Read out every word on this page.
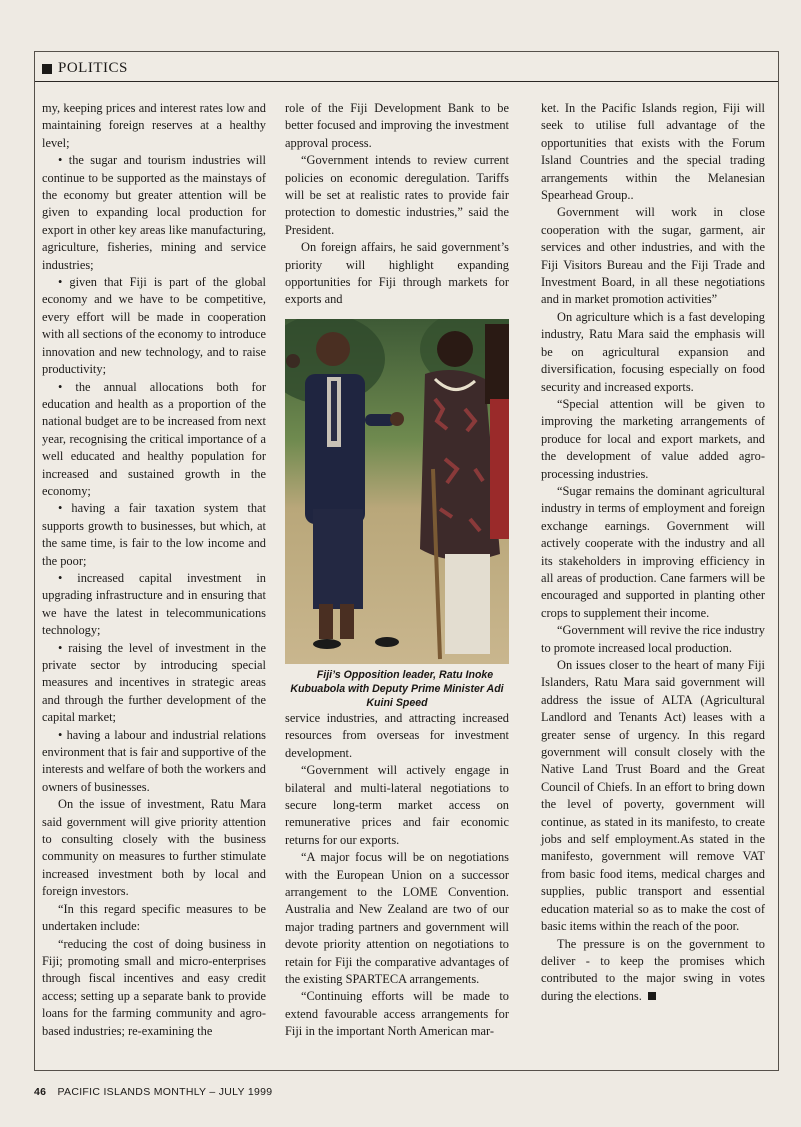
POLITICS

my, keeping prices and interest rates low and maintaining foreign reserves at a healthy level;

• the sugar and tourism industries will continue to be supported as the mainstays of the economy but greater attention will be given to expanding local production for export in other key areas like manufacturing, agriculture, fisheries, mining and service industries;

• given that Fiji is part of the global economy and we have to be competitive, every effort will be made in cooperation with all sections of the economy to introduce innovation and new technology, and to raise productivity;

• the annual allocations both for education and health as a proportion of the national budget are to be increased from next year, recognising the critical importance of a well educated and healthy population for increased and sustained growth in the economy;

• having a fair taxation system that supports growth to businesses, but which, at the same time, is fair to the low income and the poor;

• increased capital investment in upgrading infrastructure and in ensuring that we have the latest in telecommunications technology;

• raising the level of investment in the private sector by introducing special measures and incentives in strategic areas and through the further development of the capital market;

• having a labour and industrial relations environment that is fair and supportive of the interests and welfare of both the workers and owners of businesses.

On the issue of investment, Ratu Mara said government will give priority attention to consulting closely with the business community on measures to further stimulate increased investment both by local and foreign investors.

“In this regard specific measures to be undertaken include:

“reducing the cost of doing business in Fiji; promoting small and micro-enterprises through fiscal incentives and easy credit access; setting up a separate bank to provide loans for the farming community and agro-based industries; re-examining the

role of the Fiji Development Bank to be better focused and improving the investment approval process.

“Government intends to review current policies on economic deregulation. Tariffs will be set at realistic rates to provide fair protection to domestic industries,” said the President.

On foreign affairs, he said government’s priority will highlight expanding opportunities for Fiji through markets for exports and

Fiji’s Opposition leader, Ratu Inoke Kubuabola with Deputy Prime Minister Adi Kuini Speed

service industries, and attracting increased resources from overseas for investment development.

“Government will actively engage in bilateral and multi-lateral negotiations to secure long-term market access on remunerative prices and fair economic returns for our exports.

“A major focus will be on negotiations with the European Union on a successor arrangement to the LOME Convention. Australia and New Zealand are two of our major trading partners and government will devote priority attention on negotiations to retain for Fiji the comparative advantages of the existing SPARTECA arrangements.

“Continuing efforts will be made to extend favourable access arrangements for Fiji in the important North American mar-

ket. In the Pacific Islands region, Fiji will seek to utilise full advantage of the opportunities that exists with the Forum Island Countries and the special trading arrangements within the Melanesian Spearhead Group..

Government will work in close cooperation with the sugar, garment, air services and other industries, and with the Fiji Visitors Bureau and the Fiji Trade and Investment Board, in all these negotiations and in market promotion activities”

On agriculture which is a fast developing industry, Ratu Mara said the emphasis will be on agricultural expansion and diversification, focusing especially on food security and increased exports.

“Special attention will be given to improving the marketing arrangements of produce for local and export markets, and the development of value added agro-processing industries.

“Sugar remains the dominant agricultural industry in terms of employment and foreign exchange earnings. Government will actively cooperate with the industry and all its stakeholders in improving efficiency in all areas of production. Cane farmers will be encouraged and supported in planting other crops to supplement their income.

“Government will revive the rice industry to promote increased local production.

On issues closer to the heart of many Fiji Islanders, Ratu Mara said government will address the issue of ALTA (Agricultural Landlord and Tenants Act) leases with a greater sense of urgency. In this regard government will consult closely with the Native Land Trust Board and the Great Council of Chiefs. In an effort to bring down the level of poverty, government will continue, as stated in its manifesto, to create jobs and self employment.As stated in the manifesto, government will remove VAT from basic food items, medical charges and supplies, public transport and essential education material so as to make the cost of basic items within the reach of the poor.

The pressure is on the government to deliver - to keep the promises which contributed to the major swing in votes during the elections.

46 PACIFIC ISLANDS MONTHLY – JULY 1999
